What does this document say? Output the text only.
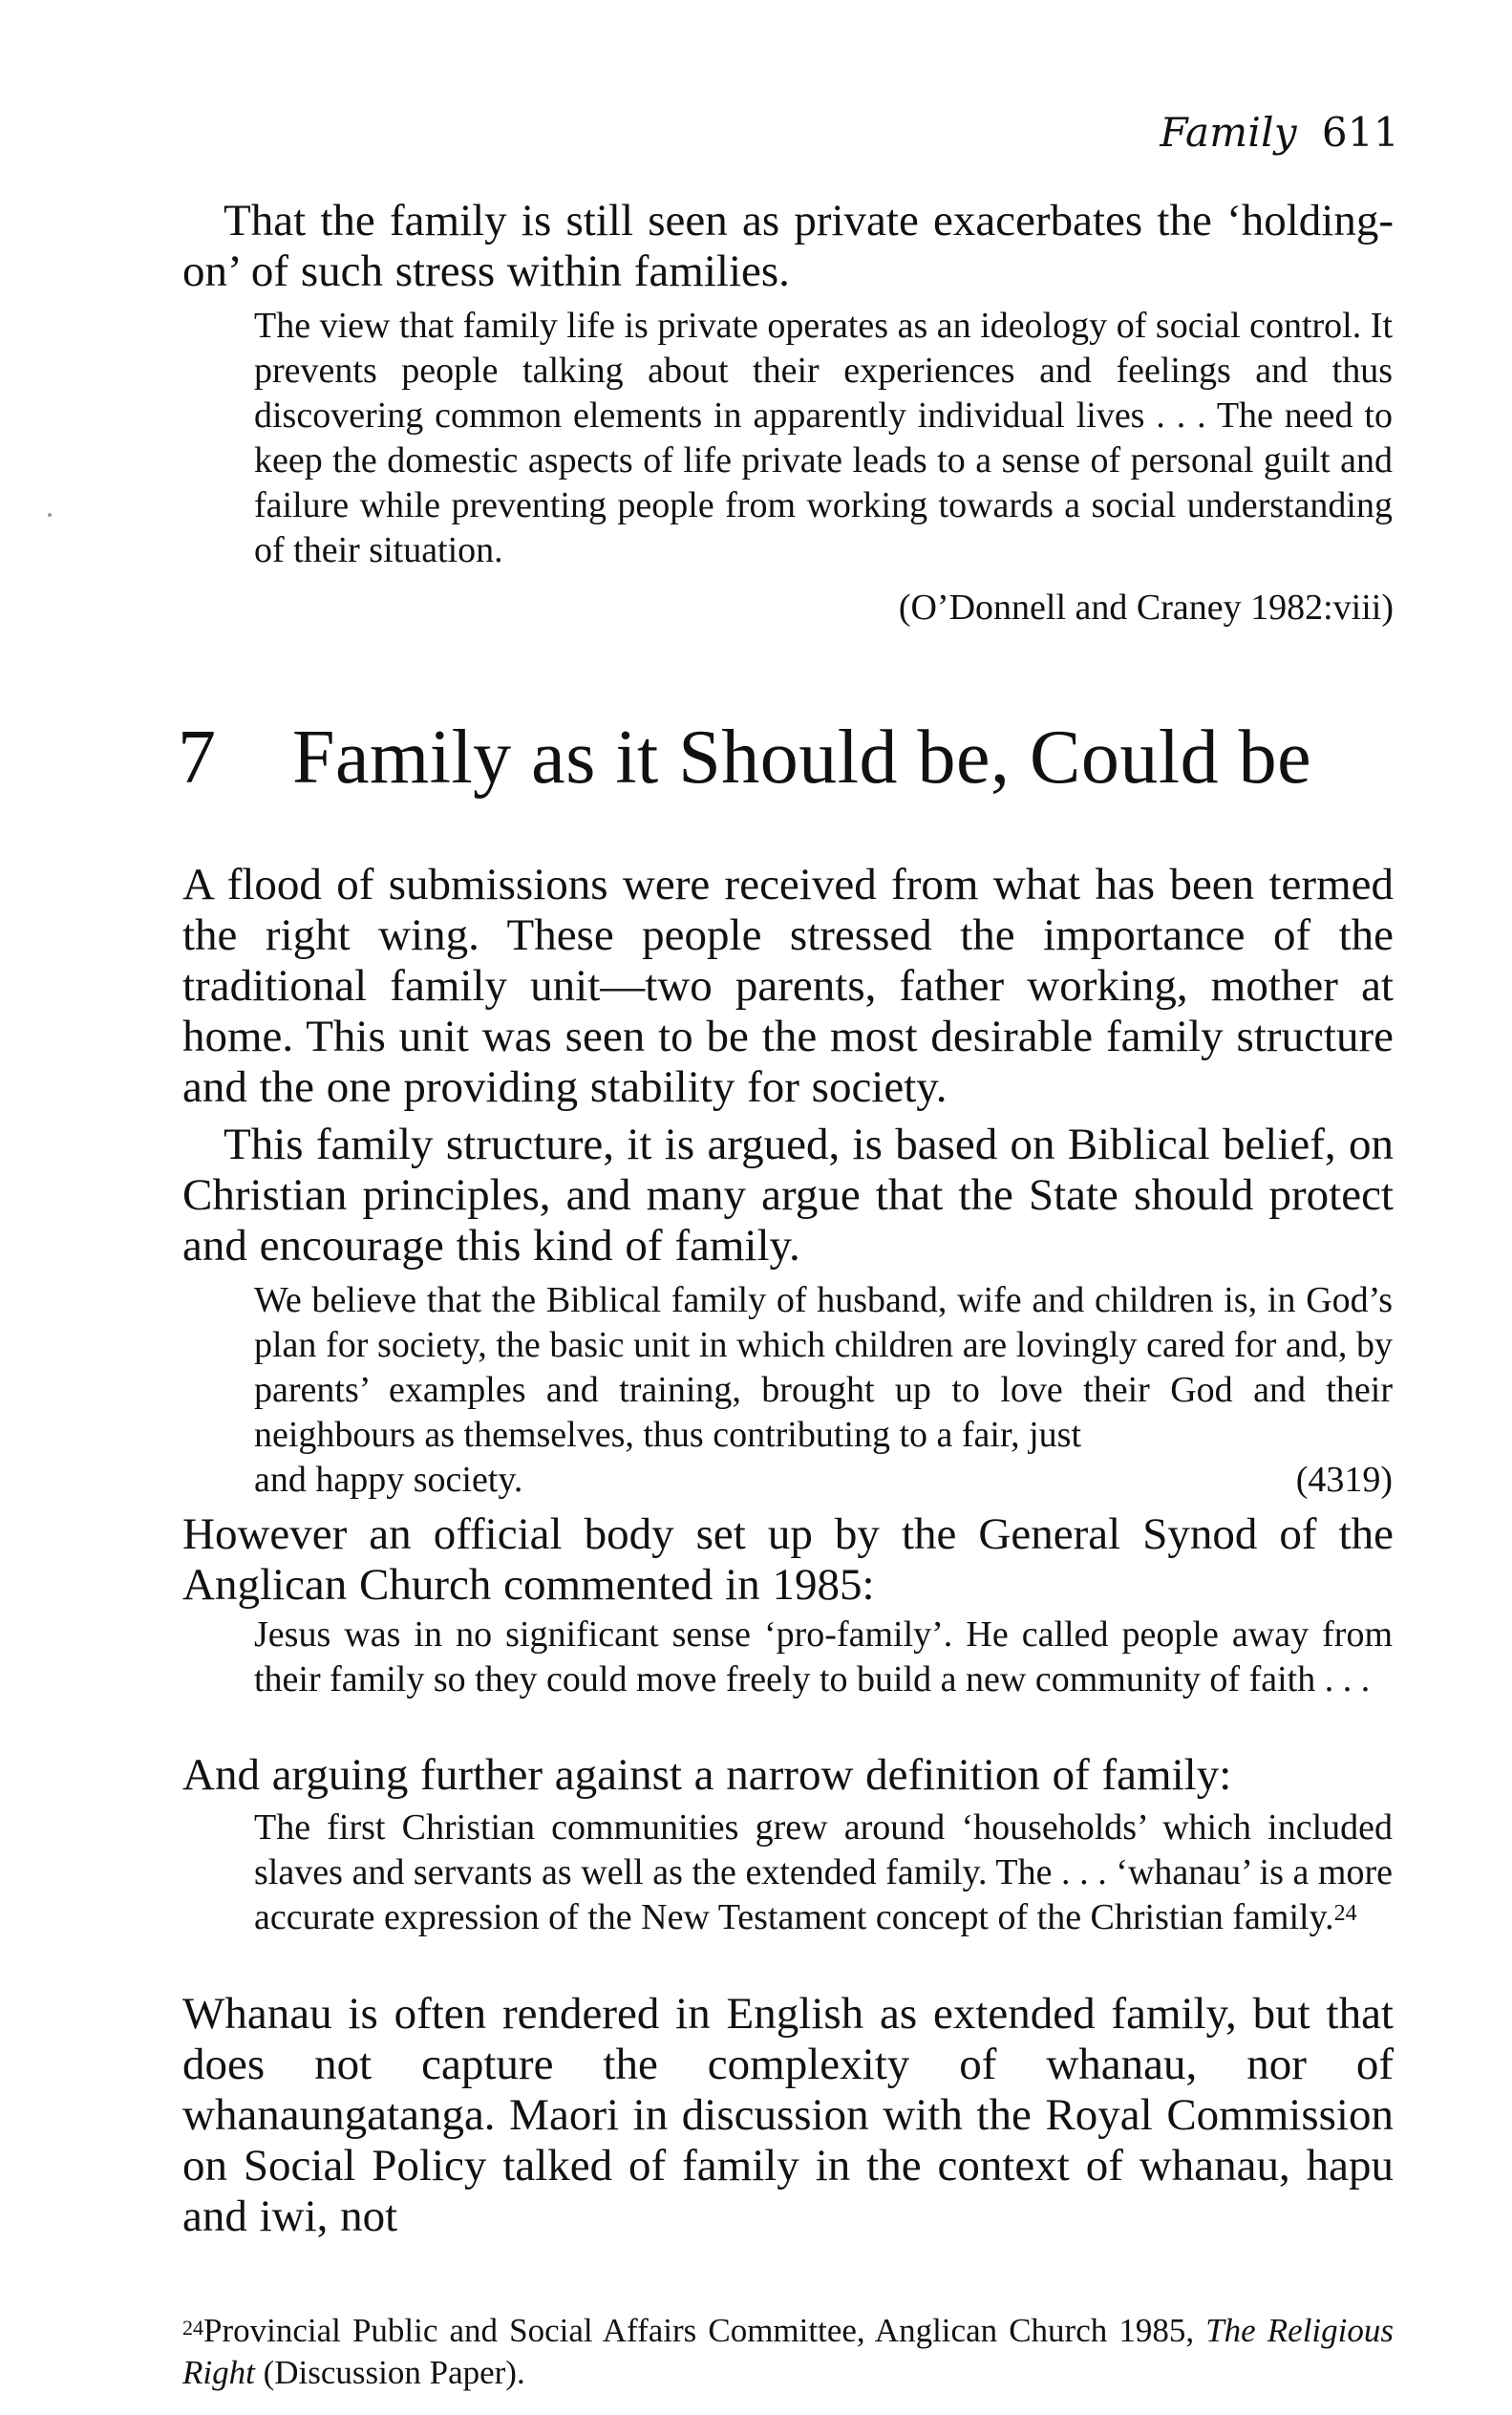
Family 611

That the family is still seen as private exacerbates the ‘holding-on’ of such stress within families.

The view that family life is private operates as an ideology of social control. It prevents people talking about their experiences and feelings and thus discovering common elements in apparently individual lives . . . The need to keep the domestic aspects of life private leads to a sense of personal guilt and failure while preventing people from working towards a social understanding of their situation.

(O’Donnell and Craney 1982:viii)
7 Family as it Should be, Could be

A flood of submissions were received from what has been termed the right wing. These people stressed the importance of the traditional family unit—two parents, father working, mother at home. This unit was seen to be the most desirable family structure and the one providing stability for society.

This family structure, it is argued, is based on Biblical belief, on Christian principles, and many argue that the State should protect and encourage this kind of family.

We believe that the Biblical family of husband, wife and children is, in God’s plan for society, the basic unit in which children are lovingly cared for and, by parents’ examples and training, brought up to love their God and their neighbours as themselves, thus contributing to a fair, just
and happy society.	(4319)

However an official body set up by the General Synod of the Anglican Church commented in 1985:

Jesus was in no significant sense ‘pro-family’. He called people away from their family so they could move freely to build a new community of faith . . .

And arguing further against a narrow definition of family:

The first Christian communities grew around ‘households’ which included slaves and servants as well as the extended family. The . . . ‘whanau’ is a more accurate expression of the New Testament concept of the Christian family.$^{24}$

Whanau is often rendered in English as extended family, but that does not capture the complexity of whanau, nor of whanaungatanga. Maori in discussion with the Royal Commission on Social Policy talked of family in the context of whanau, hapu and iwi, not

$^{24}$Provincial Public and Social Affairs Committee, Anglican Church 1985, The Religious Right (Discussion Paper).
